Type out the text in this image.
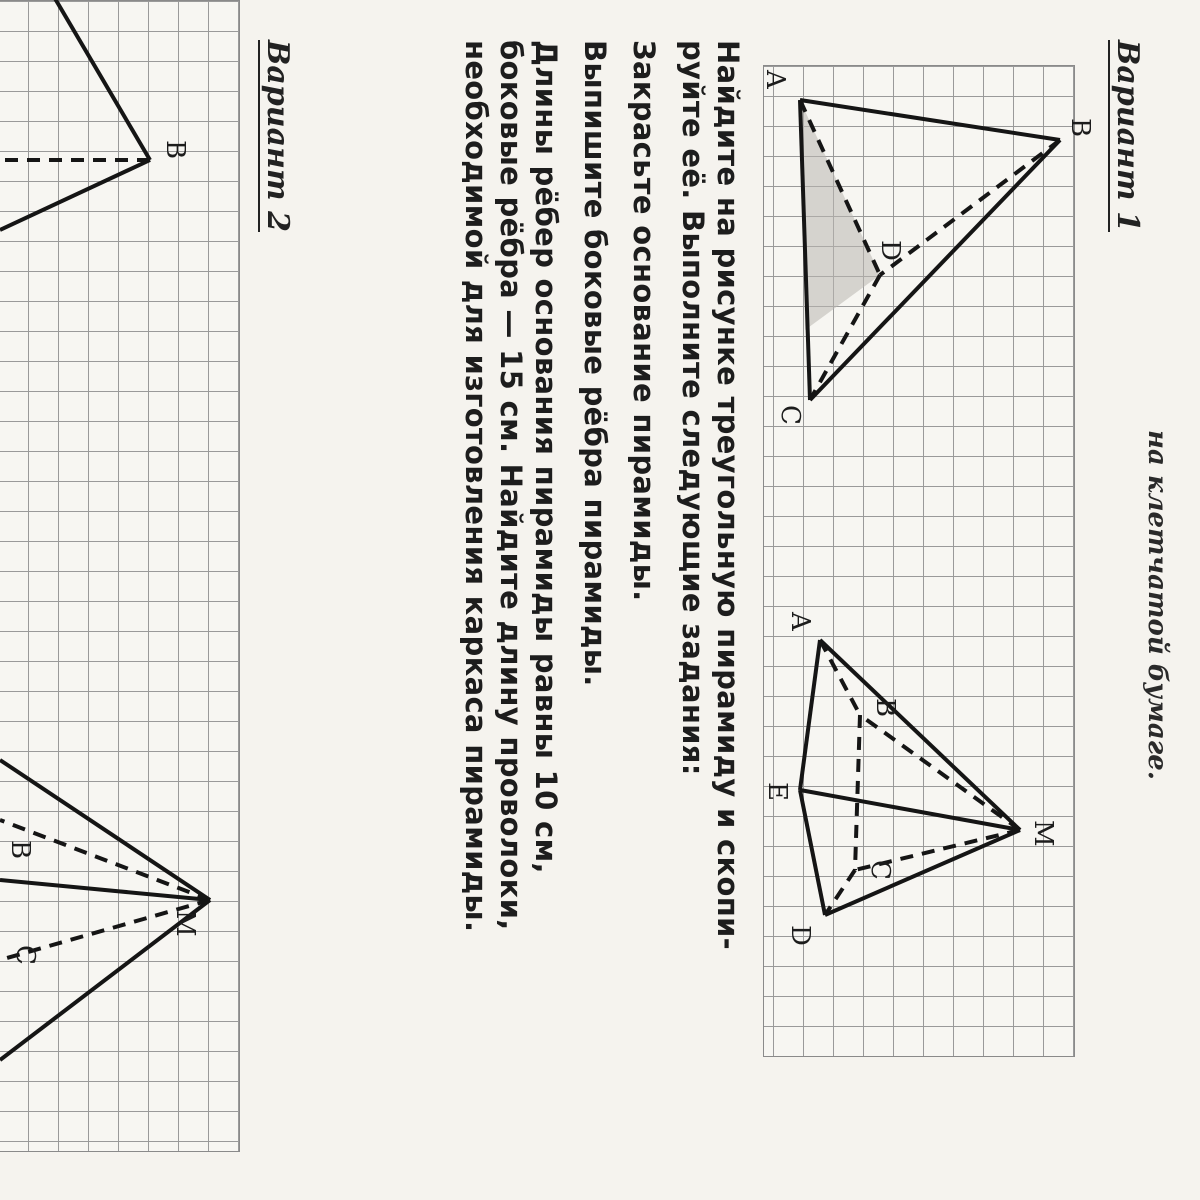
на клетчатой бумаге.
Вариант 1
A
B
C
D
A
B
C
D
E
M
Найдите на рисунке треугольную пирамиду и скопи-
руйте её. Выполните следующие задания:
Закрасьте основание пирамиды.
Выпишите боковые рёбра пирамиды.
Длины рёбер основания пирамиды равны 10 см,
боковые рёбра — 15 см. Найдите длину проволоки,
необходимой для изготовления каркаса пирамиды.
Вариант 2
B
M
C
B
